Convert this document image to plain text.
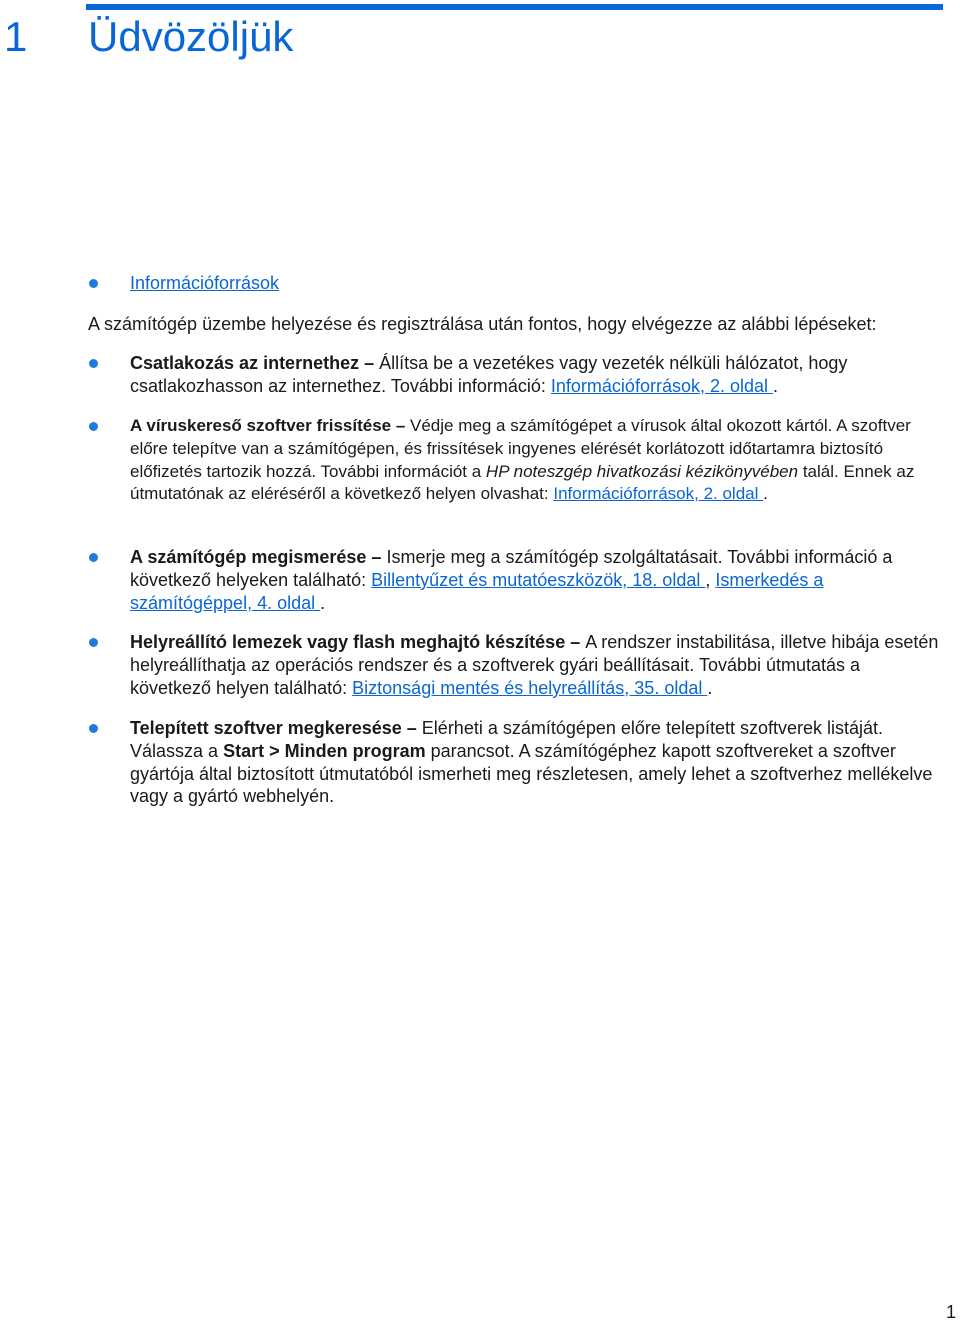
1 Üdvözöljük
Információforrások

A számítógép üzembe helyezése és regisztrálása után fontos, hogy elvégezze az alábbi lépéseket:

Csatlakozás az internethez – Állítsa be a vezetékes vagy vezeték nélküli hálózatot, hogy csatlakozhasson az internethez. További információ: Információforrások, 2. oldal .
A víruskereső szoftver frissítése – Védje meg a számítógépet a vírusok által okozott kártól. A szoftver előre telepítve van a számítógépen, és frissítések ingyenes elérését korlátozott időtartamra biztosító előfizetés tartozik hozzá. További információt a HP noteszgép hivatkozási kézikönyvében talál. Ennek az útmutatónak az eléréséről a következő helyen olvashat: Információforrások, 2. oldal .
A számítógép megismerése – Ismerje meg a számítógép szolgáltatásait. További információ a következő helyeken található: Billentyűzet és mutatóeszközök, 18. oldal , Ismerkedés a számítógéppel, 4. oldal .
Helyreállító lemezek vagy flash meghajtó készítése – A rendszer instabilitása, illetve hibája esetén helyreállíthatja az operációs rendszer és a szoftverek gyári beállításait. További útmutatás a következő helyen található: Biztonsági mentés és helyreállítás, 35. oldal .
Telepített szoftver megkeresése – Elérheti a számítógépen előre telepített szoftverek listáját. Válassza a Start > Minden program parancsot. A számítógéphez kapott szoftvereket a szoftver gyártója által biztosított útmutatóból ismerheti meg részletesen, amely lehet a szoftverhez mellékelve vagy a gyártó webhelyén.
1
